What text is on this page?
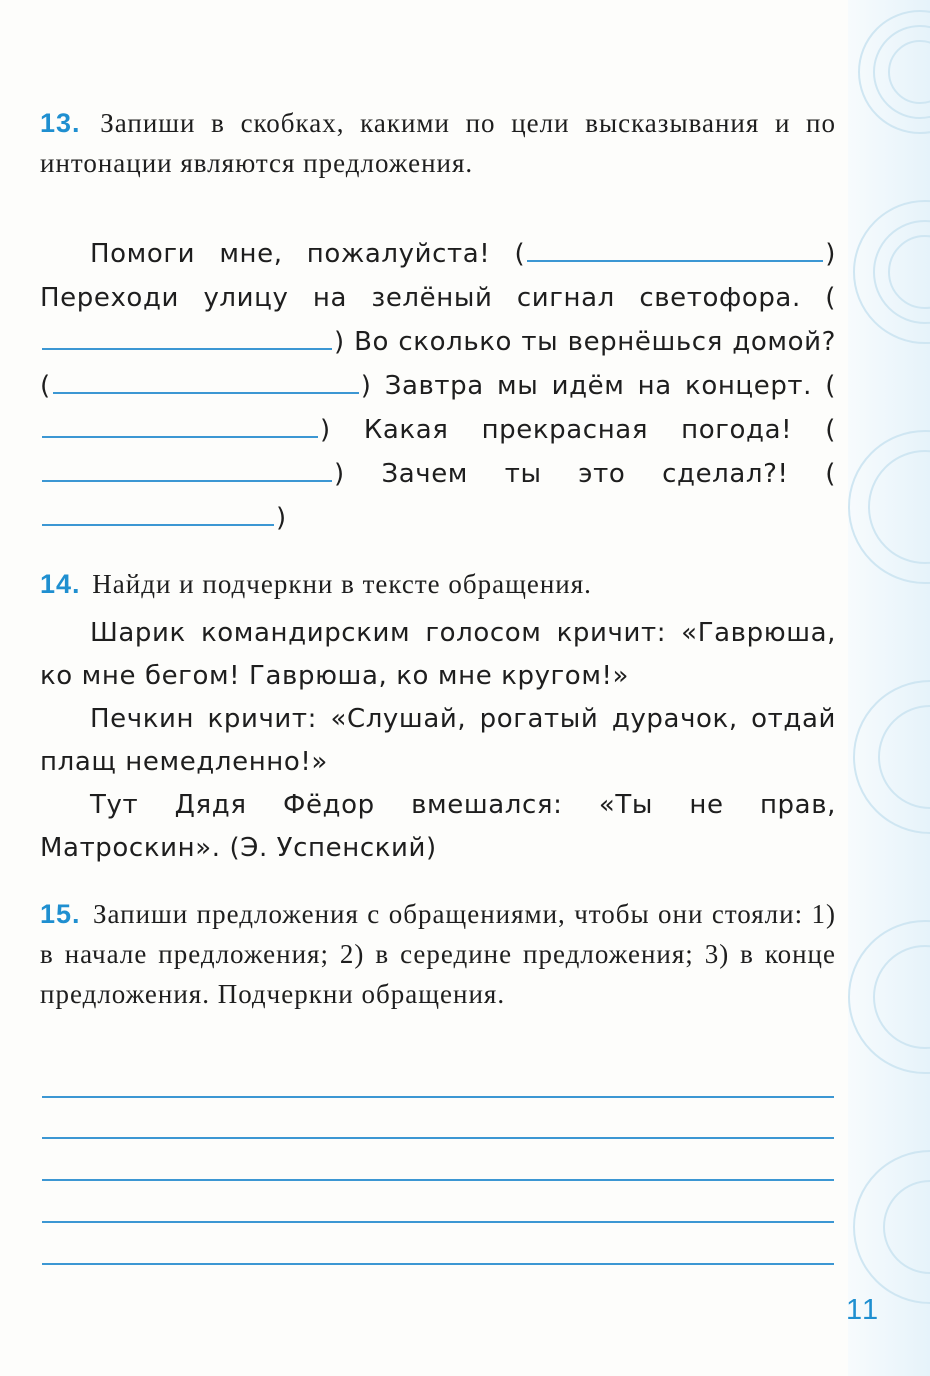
13. Запиши в скобках, какими по цели высказывания и по интонации являются предложения.

Помоги мне, пожалуйста! (	) Переходи улицу на зелёный сигнал светофора. () Во сколько ты вернёшься домой? (	) Завтра мы идём на концерт. () Какая прекрасная погода! () Зачем ты это сделал?! ()

14. Найди и подчеркни в тексте обращения.

Шарик командирским голосом кричит: «Гаврюша, ко мне бегом! Гаврюша, ко мне кругом!»

Печкин кричит: «Слушай, рогатый дурачок, отдай плащ немедленно!»

Тут Дядя Фёдор вмешался: «Ты не прав, Матроскин». (Э. Успенский)

15. Запиши предложения с обращениями, чтобы они стояли: 1) в начале предложения; 2) в середине предложения; 3) в конце предложения. Подчеркни обращения.
11
